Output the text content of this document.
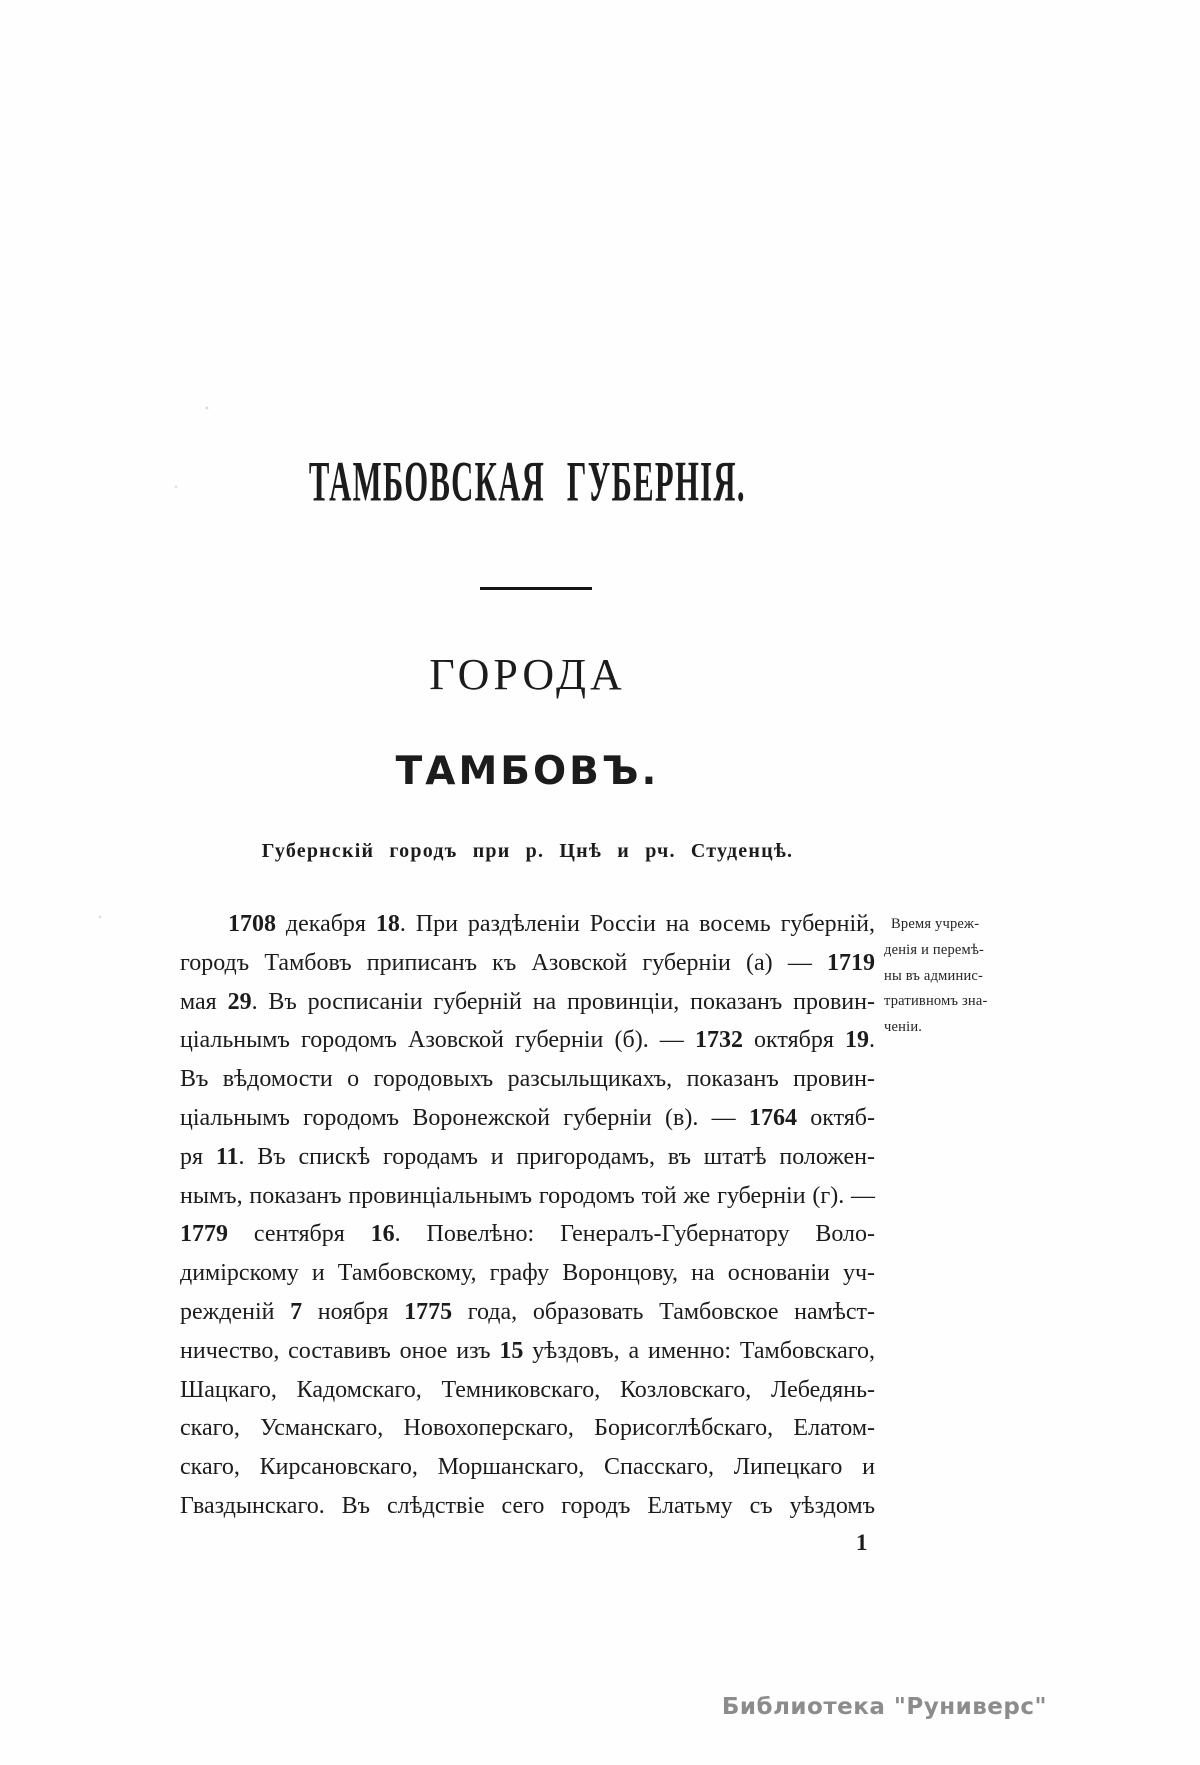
ТАМБОВСКАЯ ГУБЕРНІЯ.
ГОРОДА
ТАМБОВЪ.
Губернскій городъ при р. Цнѣ и рч. Студенцѣ.
1708 декабря 18. При раздѣленіи Россіи на восемь губерній,
городъ Тамбовъ приписанъ къ Азовской губерніи (а) — 1719
мая 29. Въ росписаніи губерній на провинціи, показанъ провин-
ціальнымъ городомъ Азовской губерніи (б). — 1732 октября 19.
Въ вѣдомости о городовыхъ разсыльщикахъ, показанъ провин-
ціальнымъ городомъ Воронежской губерніи (в). — 1764 октяб-
ря 11. Въ спискѣ городамъ и пригородамъ, въ штатѣ положен-
нымъ, показанъ провинціальнымъ городомъ той же губерніи (г). —
1779 сентября 16. Повелѣно: Генералъ-Губернатору Воло-
димірскому и Тамбовскому, графу Воронцову, на основаніи уч-
режденій 7 ноября 1775 года, образовать Тамбовское намѣст-
ничество, составивъ оное изъ 15 уѣздовъ, а именно: Тамбовскаго,
Шацкаго, Кадомскаго, Темниковскаго, Козловскаго, Лебедянь-
скаго, Усманскаго, Новохоперскаго, Борисоглѣбскаго, Елатом-
скаго, Кирсановскаго, Моршанскаго, Спасскаго, Липецкаго и
Гваздынскаго. Въ слѣдствіе сего городъ Елатьму съ уѣздомъ
Время учреж-
денія и перемѣ-
ны въ админис-
тративномъ зна-
ченіи.
1
Библиотека "Руниверс"
